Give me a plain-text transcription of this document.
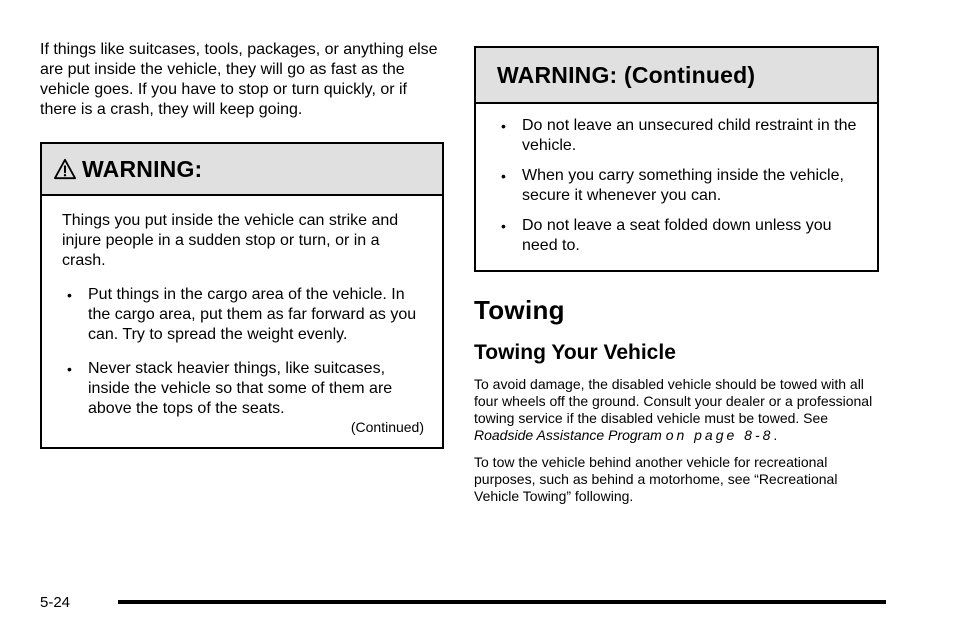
If things like suitcases, tools, packages, or anything else are put inside the vehicle, they will go as fast as the vehicle goes. If you have to stop or turn quickly, or if there is a crash, they will keep going.

WARNING:

Things you put inside the vehicle can strike and injure people in a sudden stop or turn, or in a crash.

• Put things in the cargo area of the vehicle. In the cargo area, put them as far forward as you can. Try to spread the weight evenly.
• Never stack heavier things, like suitcases, inside the vehicle so that some of them are above the tops of the seats.
(Continued)
WARNING: (Continued)
• Do not leave an unsecured child restraint in the vehicle.
• When you carry something inside the vehicle, secure it whenever you can.
• Do not leave a seat folded down unless you need to.
Towing
Towing Your Vehicle

To avoid damage, the disabled vehicle should be towed with all four wheels off the ground. Consult your dealer or a professional towing service if the disabled vehicle must be towed. See Roadside Assistance Program on page 8-8.

To tow the vehicle behind another vehicle for recreational purposes, such as behind a motorhome, see “Recreational Vehicle Towing” following.

5-24
